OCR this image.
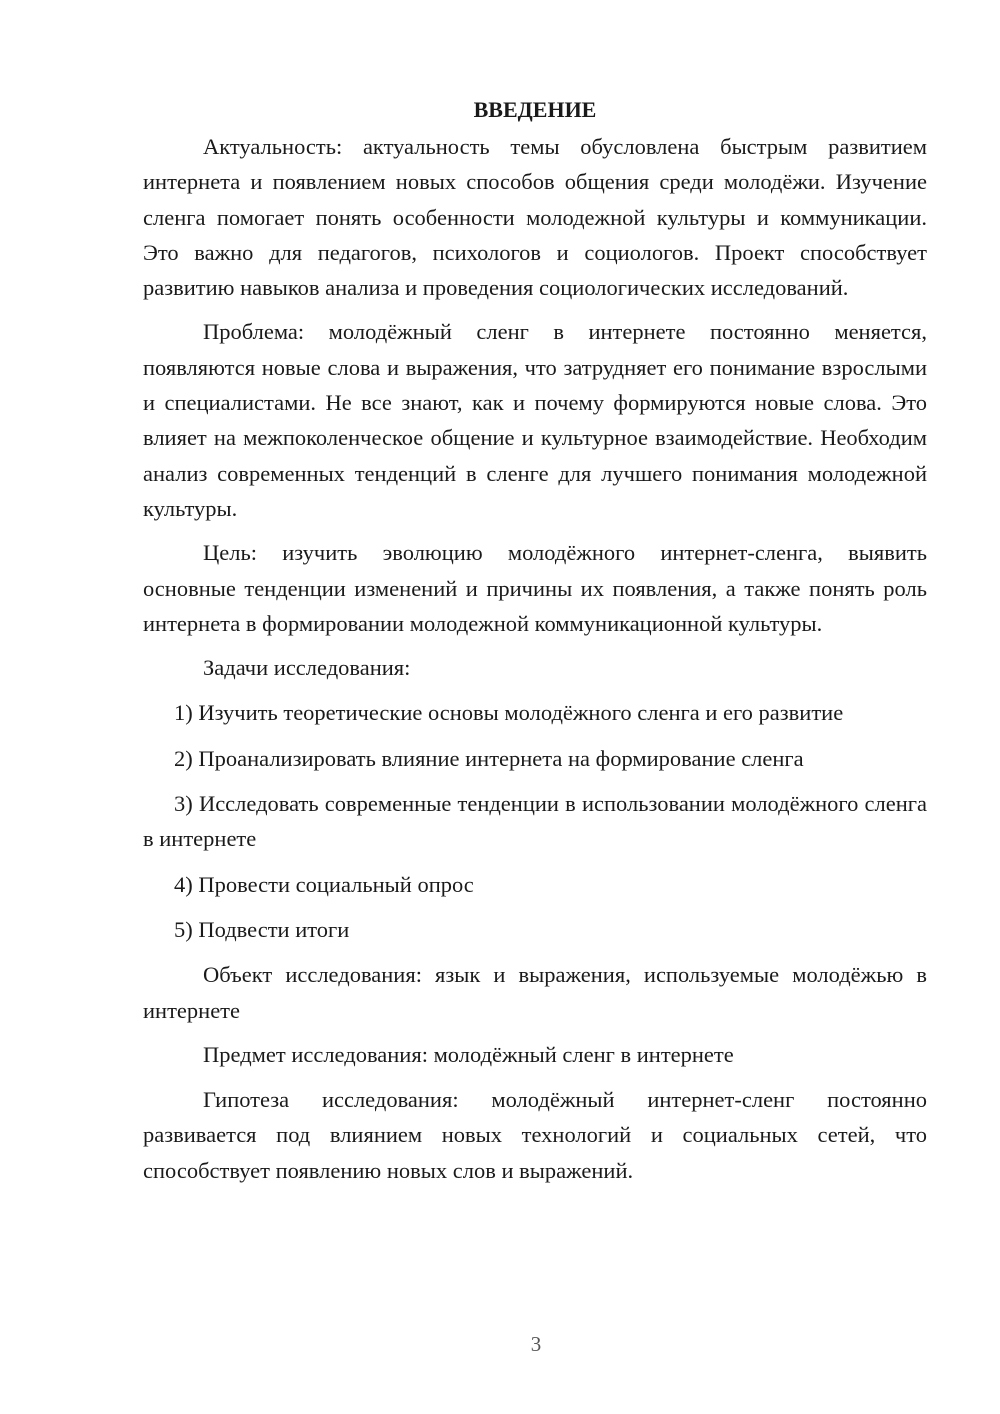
ВВЕДЕНИЕ

Актуальность: актуальность темы обусловлена быстрым развитием интернета и появлением новых способов общения среди молодёжи. Изучение сленга помогает понять особенности молодежной культуры и коммуникации. Это важно для педагогов, психологов и социологов. Проект способствует развитию навыков анализа и проведения социологических исследований.

Проблема: молодёжный сленг в интернете постоянно меняется, появляются новые слова и выражения, что затрудняет его понимание взрослыми и специалистами. Не все знают, как и почему формируются новые слова. Это влияет на межпоколенческое общение и культурное взаимодействие. Необходим анализ современных тенденций в сленге для лучшего понимания молодежной культуры.

Цель: изучить эволюцию молодёжного интернет-сленга, выявить основные тенденции изменений и причины их появления, а также понять роль интернета в формировании молодежной коммуникационной культуры.

Задачи исследования:

1) Изучить теоретические основы молодёжного сленга и его развитие

2) Проанализировать влияние интернета на формирование сленга

3) Исследовать современные тенденции в использовании молодёжного сленга в интернете

4) Провести социальный опрос

5) Подвести итоги

Объект исследования: язык и выражения, используемые молодёжью в интернете

Предмет исследования: молодёжный сленг в интернете

Гипотеза исследования: молодёжный интернет-сленг постоянно развивается под влиянием новых технологий и социальных сетей, что способствует появлению новых слов и выражений.

3
